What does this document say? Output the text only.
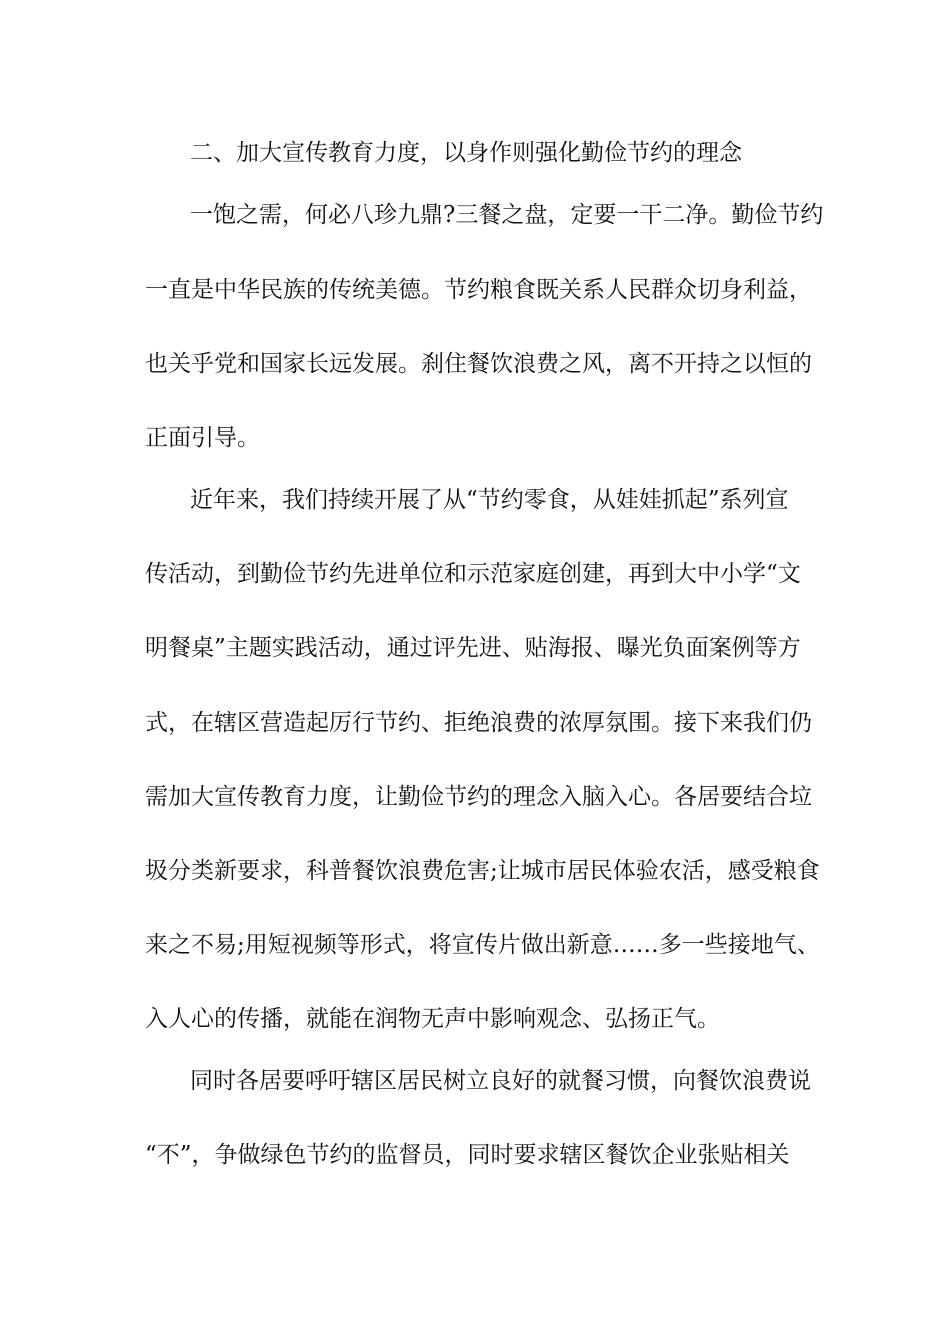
二、加大宣传教育力度，以身作则强化勤俭节约的理念
一饱之需，何必八珍九鼎?三餐之盘，定要一干二净。勤俭节约
一直是中华民族的传统美德。节约粮食既关系人民群众切身利益，
也关乎党和国家长远发展。刹住餐饮浪费之风，离不开持之以恒的
正面引导。
近年来，我们持续开展了从“节约零食，从娃娃抓起”系列宣
传活动，到勤俭节约先进单位和示范家庭创建，再到大中小学“文
明餐桌”主题实践活动，通过评先进、贴海报、曝光负面案例等方
式，在辖区营造起厉行节约、拒绝浪费的浓厚氛围。接下来我们仍
需加大宣传教育力度，让勤俭节约的理念入脑入心。各居要结合垃
圾分类新要求，科普餐饮浪费危害;让城市居民体验农活，感受粮食
来之不易;用短视频等形式，将宣传片做出新意……多一些接地气、
入人心的传播，就能在润物无声中影响观念、弘扬正气。
同时各居要呼吁辖区居民树立良好的就餐习惯，向餐饮浪费说
“不”，争做绿色节约的监督员，同时要求辖区餐饮企业张贴相关
